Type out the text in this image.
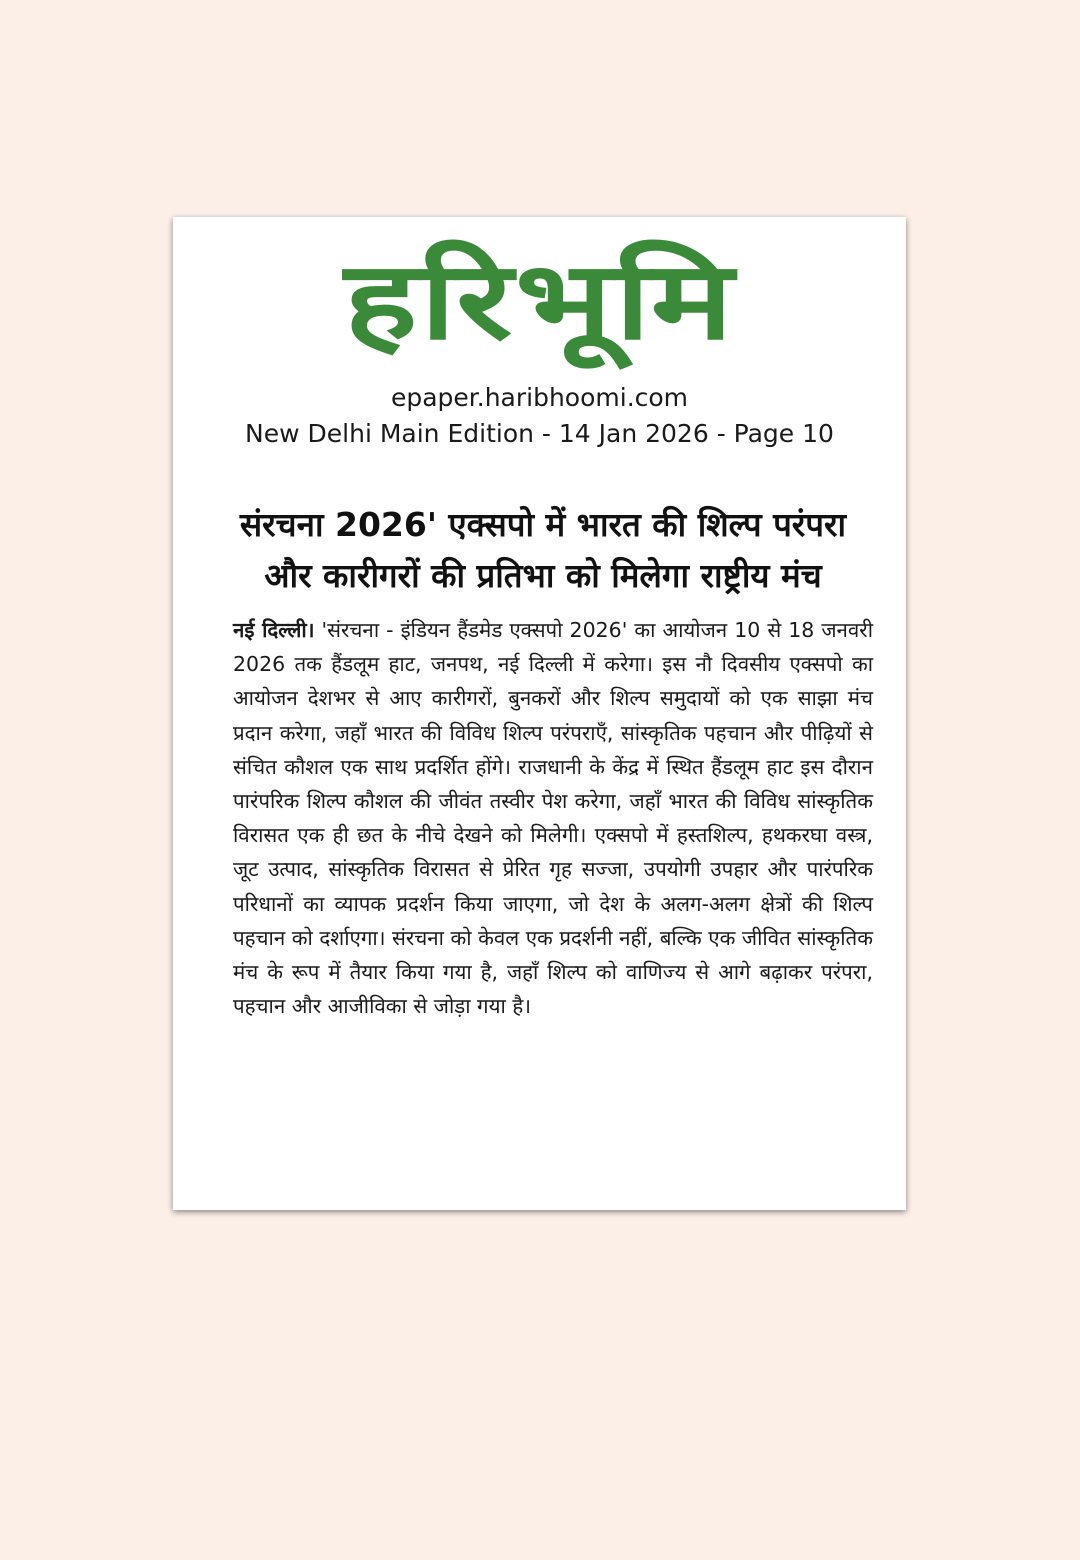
हरिभूमि
epaper.haribhoomi.com
New Delhi Main Edition - 14 Jan 2026 - Page 10
संरचना 2026' एक्सपो में भारत की शिल्प परंपरा और कारीगरों की प्रतिभा को मिलेगा राष्ट्रीय मंच

नई दिल्ली। 'संरचना - इंडियन हैंडमेड एक्सपो 2026' का आयोजन 10 से 18 जनवरी 2026 तक हैंडलूम हाट, जनपथ, नई दिल्ली में करेगा। इस नौ दिवसीय एक्सपो का आयोजन देशभर से आए कारीगरों, बुनकरों और शिल्प समुदायों को एक साझा मंच प्रदान करेगा, जहाँ भारत की विविध शिल्प परंपराएँ, सांस्कृतिक पहचान और पीढ़ियों से संचित कौशल एक साथ प्रदर्शित होंगे। राजधानी के केंद्र में स्थित हैंडलूम हाट इस दौरान पारंपरिक शिल्प कौशल की जीवंत तस्वीर पेश करेगा, जहाँ भारत की विविध सांस्कृतिक विरासत एक ही छत के नीचे देखने को मिलेगी। एक्सपो में हस्तशिल्प, हथकरघा वस्त्र, जूट उत्पाद, सांस्कृतिक विरासत से प्रेरित गृह सज्जा, उपयोगी उपहार और पारंपरिक परिधानों का व्यापक प्रदर्शन किया जाएगा, जो देश के अलग-अलग क्षेत्रों की शिल्प पहचान को दर्शाएगा। संरचना को केवल एक प्रदर्शनी नहीं, बल्कि एक जीवित सांस्कृतिक मंच के रूप में तैयार किया गया है, जहाँ शिल्प को वाणिज्य से आगे बढ़ाकर परंपरा, पहचान और आजीविका से जोड़ा गया है।
